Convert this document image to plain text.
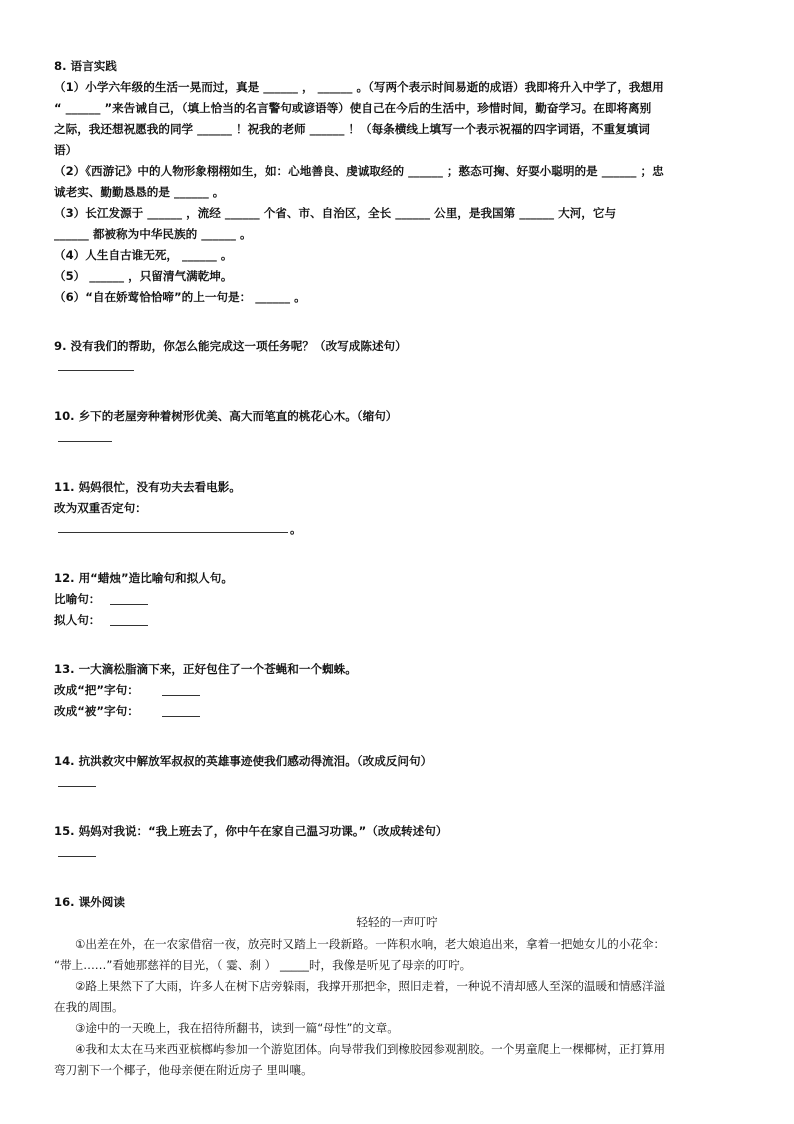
8. 语言实践
（1）小学六年级的生活一晃而过，真是 ______ ， ______ 。（写两个表示时间易逝的成语）我即将升入中学了，我想用
“ ______ ”来告诫自己，（填上恰当的名言警句或谚语等）使自己在今后的生活中，珍惜时间，勤奋学习。在即将离别
之际，我还想祝愿我的同学 ______ ！祝我的老师 ______ ！（每条横线上填写一个表示祝福的四字词语，不重复填词
语）
（2）《西游记》中的人物形象栩栩如生，如：心地善良、虔诚取经的 ______ ；憨态可掬、好耍小聪明的是 ______ ；忠
诚老实、勤勤恳恳的是 ______ 。
（3）长江发源于 ______ ，流经 ______ 个省、市、自治区，全长 ______ 公里，是我国第 ______ 大河，它与
______ 都被称为中华民族的 ______ 。
（4）人生自古谁无死， ______ 。
（5） ______ ，只留清气满乾坤。
（6）“自在娇莺恰恰啼”的上一句是： ______ 。
9. 没有我们的帮助，你怎么能完成这一项任务呢？（改写成陈述句）
10. 乡下的老屋旁种着树形优美、高大而笔直的桃花心木。（缩句）
11. 妈妈很忙，没有功夫去看电影。
改为双重否定句：
。
12. 用“蜡烛”造比喻句和拟人句。
比喻句：
拟人句：
13. 一大滴松脂滴下来，正好包住了一个苍蝇和一个蜘蛛。
改成“把”字句：
改成“被”字句：
14. 抗洪救灾中解放军叔叔的英雄事迹使我们感动得流泪。（改成反问句）
15. 妈妈对我说：“我上班去了，你中午在家自己温习功课。”（改成转述句）
16. 课外阅读
轻轻的一声叮咛
①出差在外，在一农家借宿一夜，放亮时又踏上一段新路。一阵积水响，老大娘追出来，拿着一把她女儿的小花伞：
“带上……”看她那慈祥的目光，（ 霎、刹 ） _____时，我像是听见了母亲的叮咛。
②路上果然下了大雨，许多人在树下店旁躲雨，我撑开那把伞，照旧走着，一种说不清却感人至深的温暖和情感洋溢
在我的周围。
③途中的一天晚上，我在招待所翻书，读到一篇“母性”的文章。
④我和太太在马来西亚槟榔屿参加一个游览团体。向导带我们到橡胶园参观割胶。一个男童爬上一棵椰树，正打算用
弯刀割下一个椰子，他母亲便在附近房子 里叫嚷。
